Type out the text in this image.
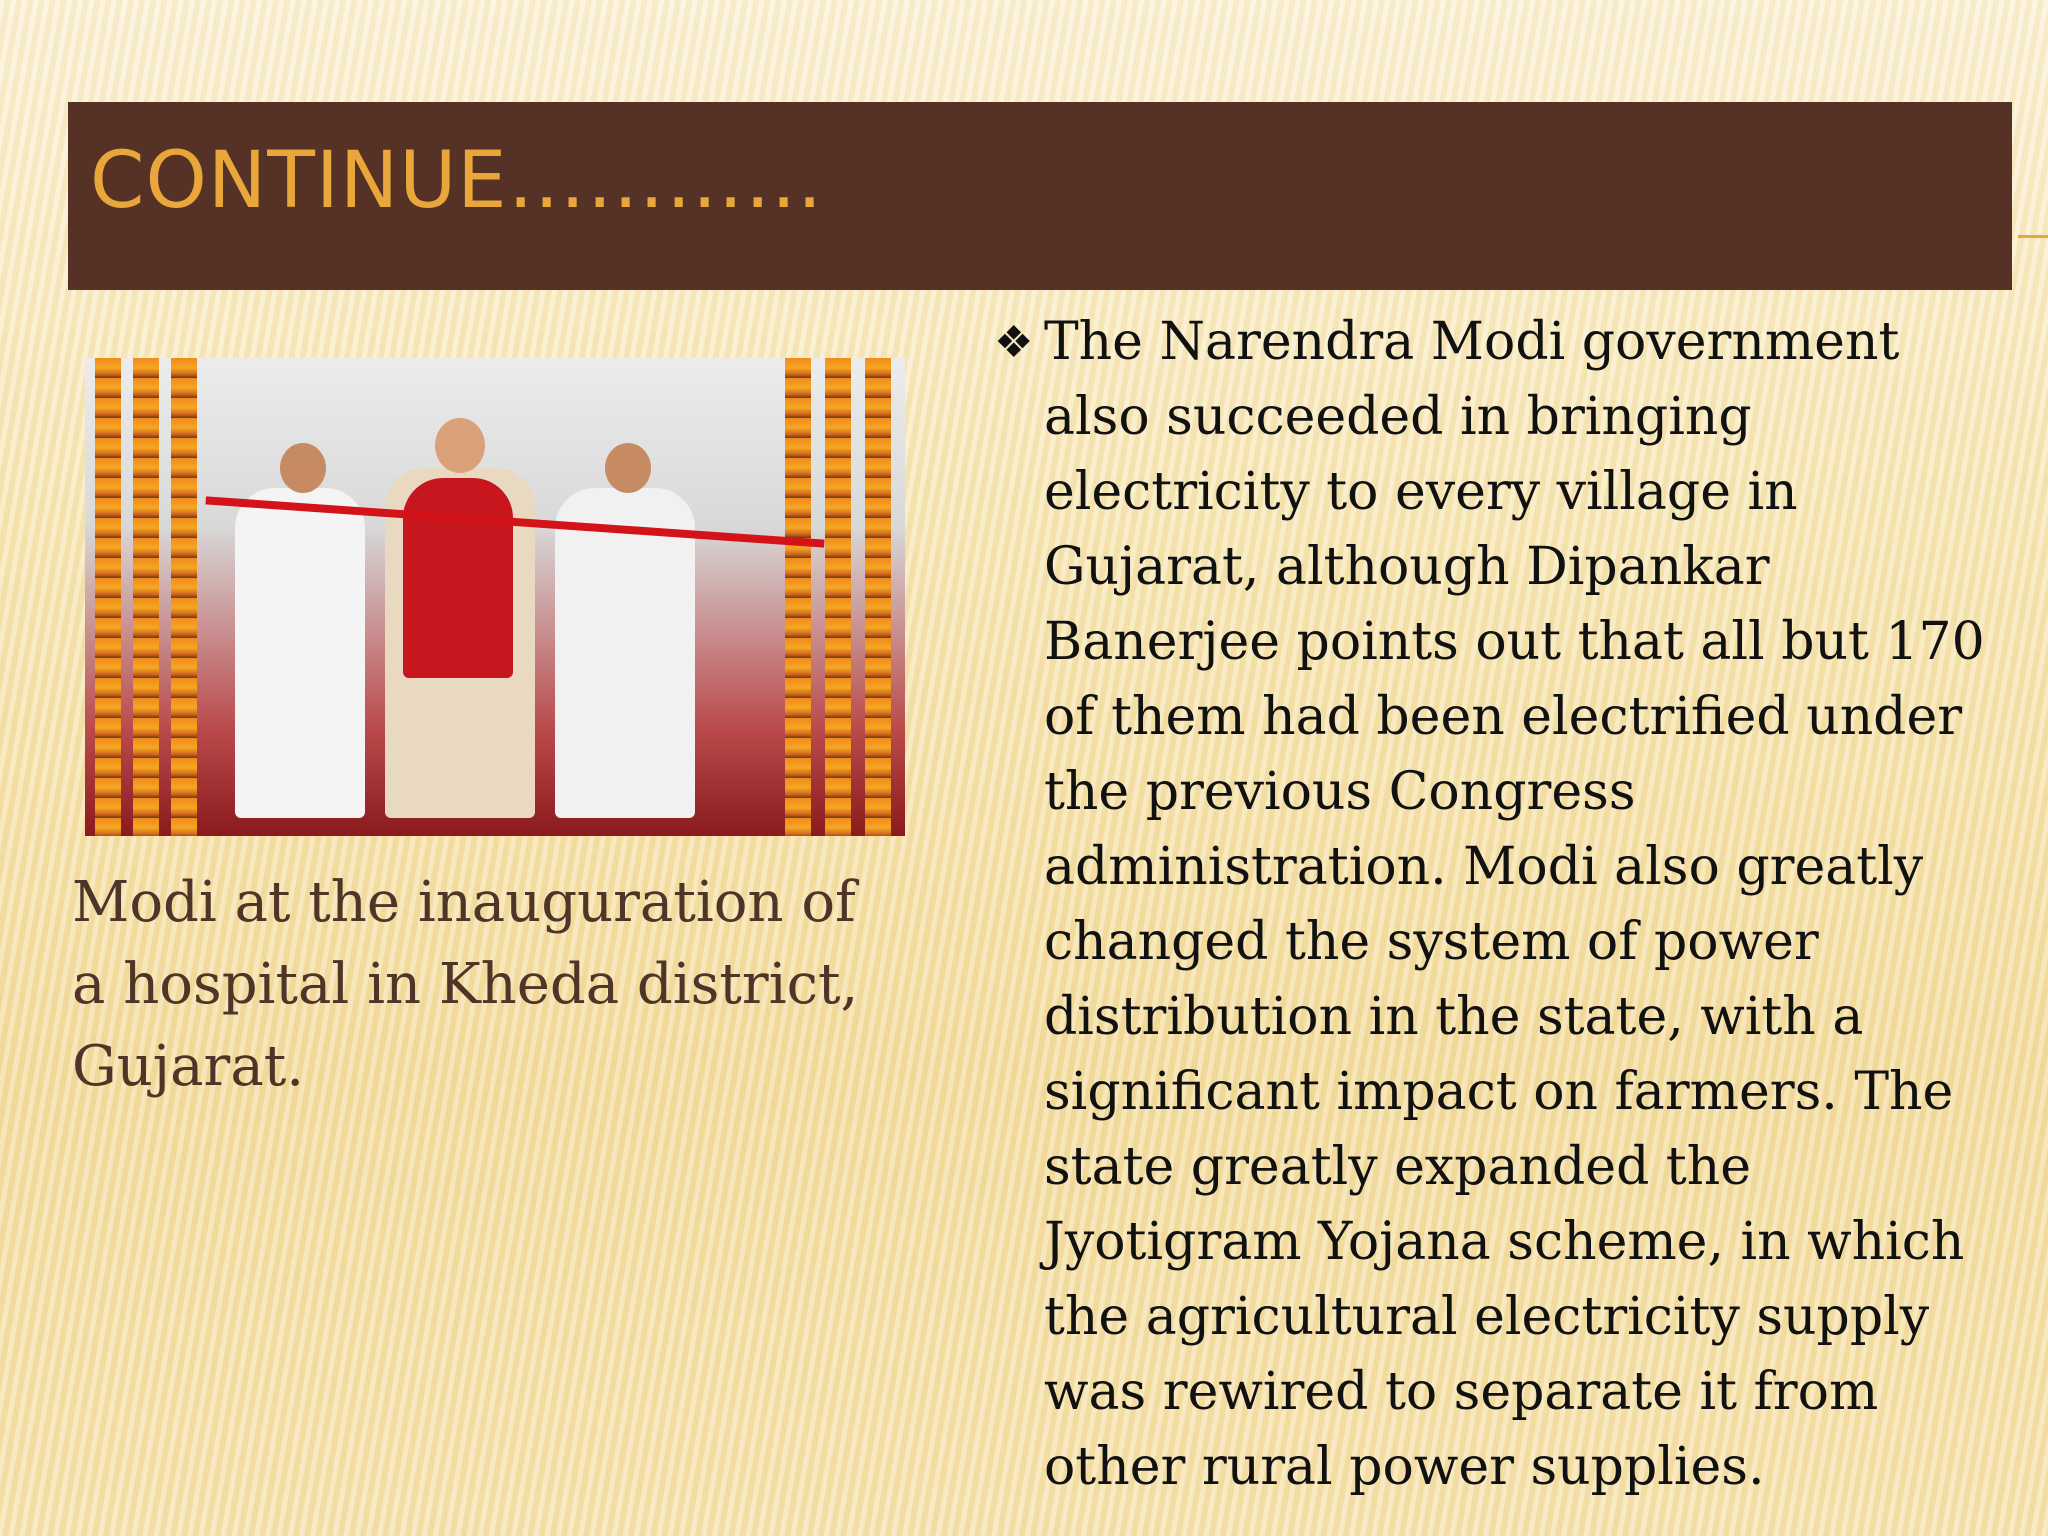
CONTINUE…………
Modi at the inauguration of a hospital in Kheda district, Gujarat.
❖ The Narendra Modi government
also succeeded in bringing
electricity to every village in
Gujarat, although Dipankar
Banerjee points out that all but 170
of them had been electrified under
the previous Congress
administration. Modi also greatly
changed the system of power
distribution in the state, with a
significant impact on farmers. The
state greatly expanded the
Jyotigram Yojana scheme, in which
the agricultural electricity supply
was rewired to separate it from
other rural power supplies.
